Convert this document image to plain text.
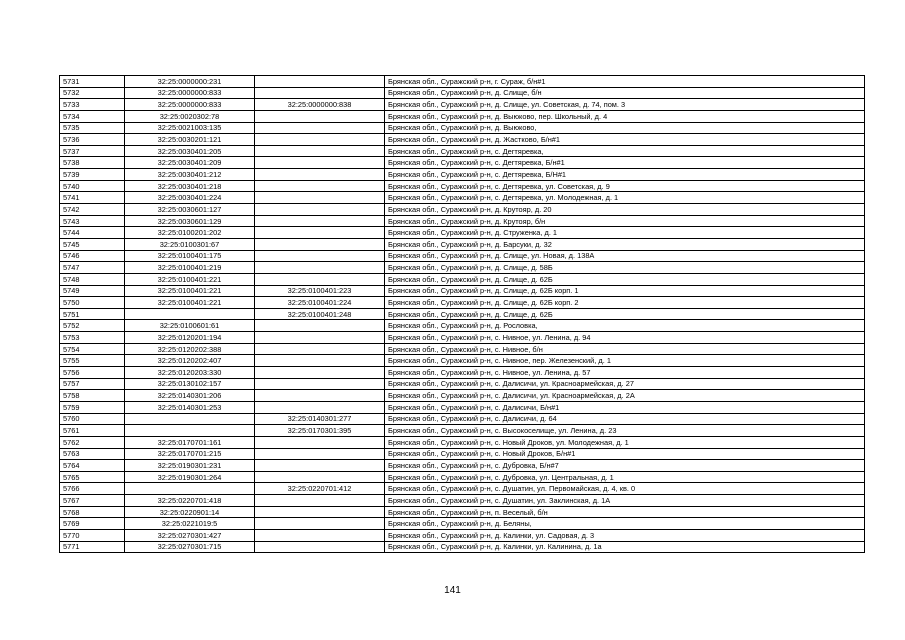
5731	32:25:0000000:231		Брянская обл., Суражский р-н, г. Сураж, б/н#1
5732	32:25:0000000:833		Брянская обл., Суражский р-н, д. Слище, б/н
5733	32:25:0000000:833	32:25:0000000:838	Брянская обл., Суражский р-н, д. Слище, ул. Советская, д. 74, пом. 3
5734	32:25:0020302:78		Брянская обл., Суражский р-н, д. Выюково, пер. Школьный, д. 4
5735	32:25:0021003:135		Брянская обл., Суражский р-н, д. Выюково,
5736	32:25:0030201:121		Брянская обл., Суражский р-н, д. Жастково, Б/н#1
5737	32:25:0030401:205		Брянская обл., Суражский р-н, с. Дегтяревка,
5738	32:25:0030401:209		Брянская обл., Суражский р-н, с. Дегтяревка, Б/н#1
5739	32:25:0030401:212		Брянская обл., Суражский р-н, с. Дегтяревка, Б/Н#1
5740	32:25:0030401:218		Брянская обл., Суражский р-н, с. Дегтяревка, ул. Советская, д. 9
5741	32:25:0030401:224		Брянская обл., Суражский р-н, с. Дегтяревка, ул. Молодежная, д. 1
5742	32:25:0030601:127		Брянская обл., Суражский р-н, д. Крутояр, д. 20
5743	32:25:0030601:129		Брянская обл., Суражский р-н, д. Крутояр, б/н
5744	32:25:0100201:202		Брянская обл., Суражский р-н, д. Струженка, д. 1
5745	32:25:0100301:67		Брянская обл., Суражский р-н, д. Барсуки, д. 32
5746	32:25:0100401:175		Брянская обл., Суражский р-н, д. Слище, ул. Новая, д. 138А
5747	32:25:0100401:219		Брянская обл., Суражский р-н, д. Слище, д. 58Б
5748	32:25:0100401:221		Брянская обл., Суражский р-н, д. Слище, д. 62Б
5749	32:25:0100401:221	32:25:0100401:223	Брянская обл., Суражский р-н, д. Слище, д. 62Б корп. 1
5750	32:25:0100401:221	32:25:0100401:224	Брянская обл., Суражский р-н, д. Слище, д. 62Б корп. 2
5751		32:25:0100401:248	Брянская обл., Суражский р-н, д. Слище, д. 62Б
5752	32:25:0100601:61		Брянская обл., Суражский р-н, д. Рословка,
5753	32:25:0120201:194		Брянская обл., Суражский р-н, с. Нивное, ул. Ленина, д. 94
5754	32:25:0120202:388		Брянская обл., Суражский р-н, с. Нивное, б/н
5755	32:25:0120202:407		Брянская обл., Суражский р-н, с. Нивное, пер. Железенский, д. 1
5756	32:25:0120203:330		Брянская обл., Суражский р-н, с. Нивное, ул. Ленина, д. 57
5757	32:25:0130102:157		Брянская обл., Суражский р-н, с. Далисичи, ул. Красноармейская, д. 27
5758	32:25:0140301:206		Брянская обл., Суражский р-н, с. Далисичи, ул. Красноармейская, д. 2А
5759	32:25:0140301:253		Брянская обл., Суражский р-н, с. Далисичи, Б/н#1
5760		32:25:0140301:277	Брянская обл., Суражский р-н, с. Далисичи, д. 64
5761		32:25:0170301:395	Брянская обл., Суражский р-н, с. Высокоселище, ул. Ленина, д. 23
5762	32:25:0170701:161		Брянская обл., Суражский р-н, с. Новый Дроков, ул. Молодежная, д. 1
5763	32:25:0170701:215		Брянская обл., Суражский р-н, с. Новый Дроков, Б/н#1
5764	32:25:0190301:231		Брянская обл., Суражский р-н, с. Дубровка, Б/н#7
5765	32:25:0190301:264		Брянская обл., Суражский р-н, с. Дубровка, ул. Центральная, д. 1
5766		32:25:0220701:412	Брянская обл., Суражский р-н, с. Душатин, ул. Первомайская, д. 4, кв. 0
5767	32:25:0220701:418		Брянская обл., Суражский р-н, с. Душатин, ул. Заклинская, д. 1А
5768	32:25:0220901:14		Брянская обл., Суражский р-н, п. Веселый, б/н
5769	32:25:0221019:5		Брянская обл., Суражский р-н, д. Беляны,
5770	32:25:0270301:427		Брянская обл., Суражский р-н, д. Калинки, ул. Садовая, д. 3
5771	32:25:0270301:715		Брянская обл., Суражский р-н, д. Калинки, ул. Калинина, д. 1а
141
